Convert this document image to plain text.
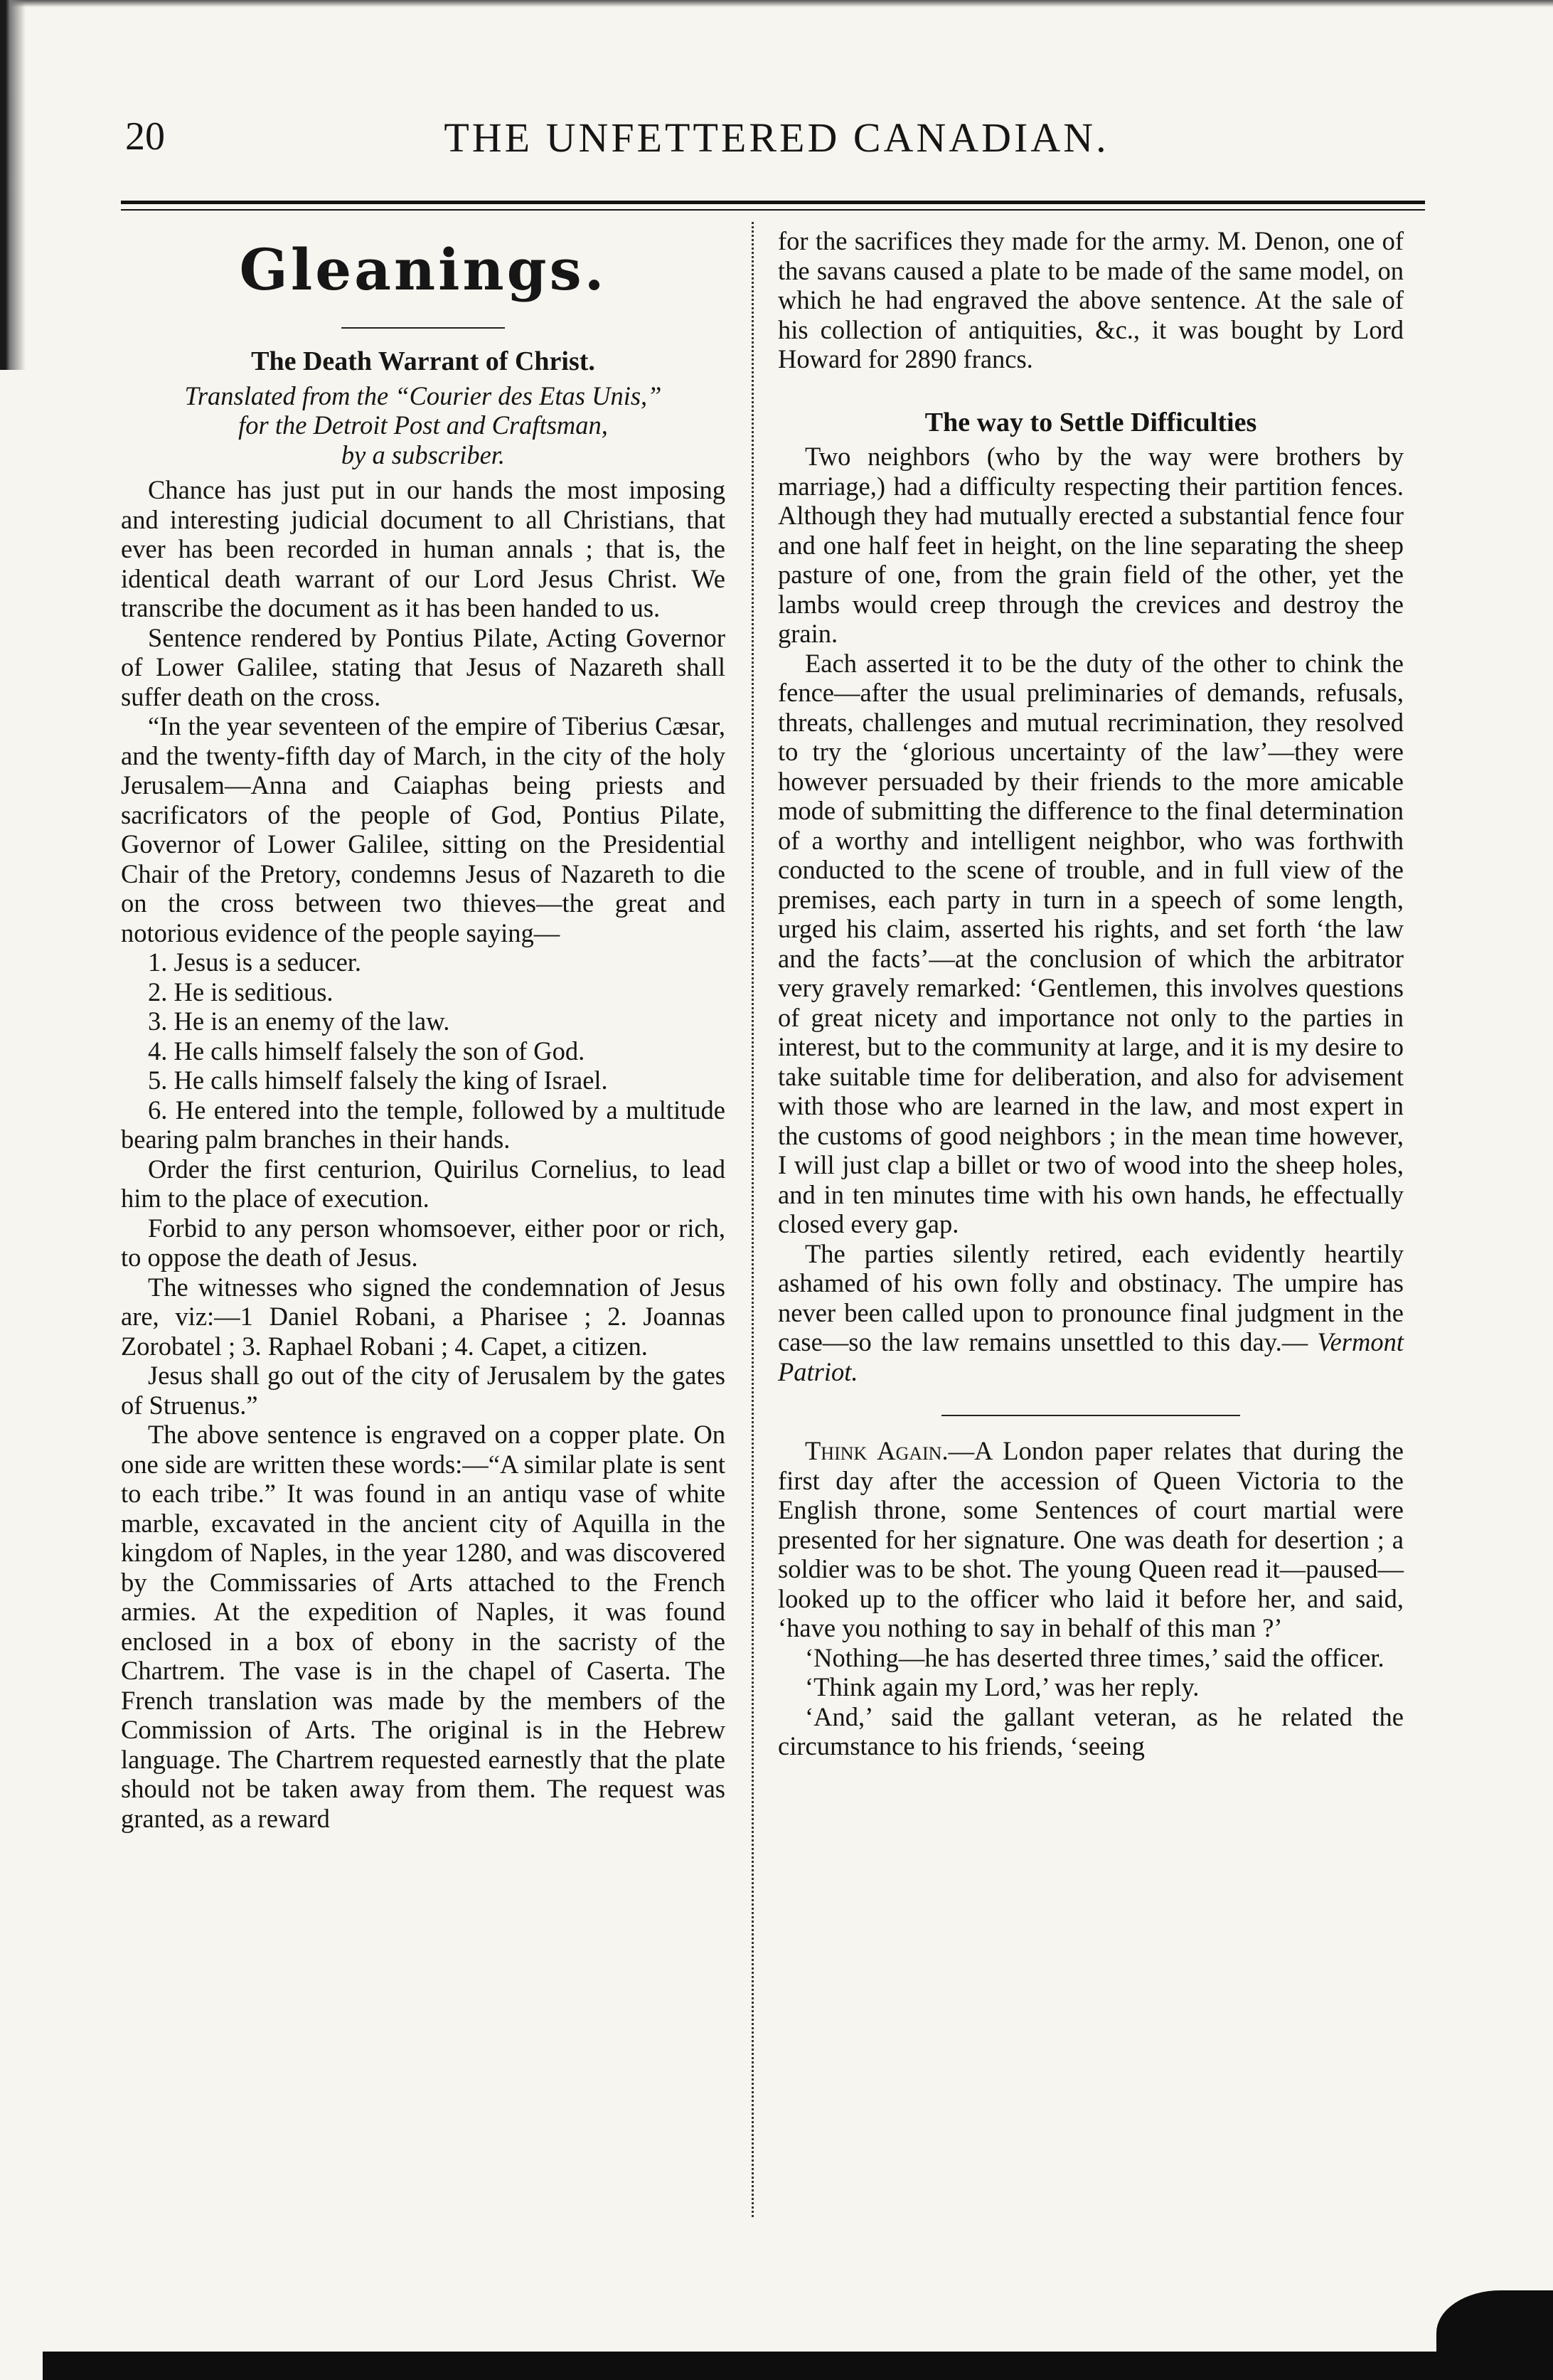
20	THE UNFETTERED CANADIAN.
Gleanings.
The Death Warrant of Christ.
Translated from the “Courier des Etas Unis,”
for the Detroit Post and Craftsman,
by a subscriber.

Chance has just put in our hands the most imposing and interesting judicial document to all Christians, that ever has been recorded in human annals ; that is, the identical death warrant of our Lord Jesus Christ. We transcribe the document as it has been handed to us.

Sentence rendered by Pontius Pilate, Acting Governor of Lower Galilee, stating that Jesus of Nazareth shall suffer death on the cross.

“In the year seventeen of the empire of Tiberius Cæsar, and the twenty-fifth day of March, in the city of the holy Jerusalem—Anna and Caiaphas being priests and sacrificators of the people of God, Pontius Pilate, Governor of Lower Galilee, sitting on the Presidential Chair of the Pretory, condemns Jesus of Nazareth to die on the cross between two thieves—the great and notorious evidence of the people saying—

1. Jesus is a seducer.

2. He is seditious.

3. He is an enemy of the law.

4. He calls himself falsely the son of God.

5. He calls himself falsely the king of Israel.

6. He entered into the temple, followed by a multitude bearing palm branches in their hands.

Order the first centurion, Quirilus Cornelius, to lead him to the place of execution.

Forbid to any person whomsoever, either poor or rich, to oppose the death of Jesus.

The witnesses who signed the condemnation of Jesus are, viz:—1 Daniel Robani, a Pharisee ; 2. Joannas Zorobatel ; 3. Raphael Robani ; 4. Capet, a citizen.

Jesus shall go out of the city of Jerusalem by the gates of Struenus.”

The above sentence is engraved on a copper plate. On one side are written these words:—“A similar plate is sent to each tribe.” It was found in an antiqu vase of white marble, excavated in the ancient city of Aquilla in the kingdom of Naples, in the year 1280, and was discovered by the Commissaries of Arts attached to the French armies. At the expedition of Naples, it was found enclosed in a box of ebony in the sacristy of the Chartrem. The vase is in the chapel of Caserta. The French translation was made by the members of the Commission of Arts. The original is in the Hebrew language. The Chartrem requested earnestly that the plate should not be taken away from them. The request was granted, as a reward

for the sacrifices they made for the army. M. Denon, one of the savans caused a plate to be made of the same model, on which he had engraved the above sentence. At the sale of his collection of antiquities, &c., it was bought by Lord Howard for 2890 francs.

The way to Settle Difficulties

Two neighbors (who by the way were brothers by marriage,) had a difficulty respecting their partition fences. Although they had mutually erected a substantial fence four and one half feet in height, on the line separating the sheep pasture of one, from the grain field of the other, yet the lambs would creep through the crevices and destroy the grain.

Each asserted it to be the duty of the other to chink the fence—after the usual preliminaries of demands, refusals, threats, challenges and mutual recrimination, they resolved to try the ‘glorious uncertainty of the law’—they were however persuaded by their friends to the more amicable mode of submitting the difference to the final determination of a worthy and intelligent neighbor, who was forthwith conducted to the scene of trouble, and in full view of the premises, each party in turn in a speech of some length, urged his claim, asserted his rights, and set forth ‘the law and the facts’—at the conclusion of which the arbitrator very gravely remarked: ‘Gentlemen, this involves questions of great nicety and importance not only to the parties in interest, but to the community at large, and it is my desire to take suitable time for deliberation, and also for advisement with those who are learned in the law, and most expert in the customs of good neighbors ; in the mean time however, I will just clap a billet or two of wood into the sheep holes, and in ten minutes time with his own hands, he effectually closed every gap.

The parties silently retired, each evidently heartily ashamed of his own folly and obstinacy. The umpire has never been called upon to pronounce final judgment in the case—so the law remains unsettled to this day.— Vermont Patriot.

Think Again.—A London paper relates that during the first day after the accession of Queen Victoria to the English throne, some Sentences of court martial were presented for her signature. One was death for desertion ; a soldier was to be shot. The young Queen read it—paused—looked up to the officer who laid it before her, and said, ‘have you nothing to say in behalf of this man ?’

‘Nothing—he has deserted three times,’ said the officer.

‘Think again my Lord,’ was her reply.

‘And,’ said the gallant veteran, as he related the circumstance to his friends, ‘seeing
